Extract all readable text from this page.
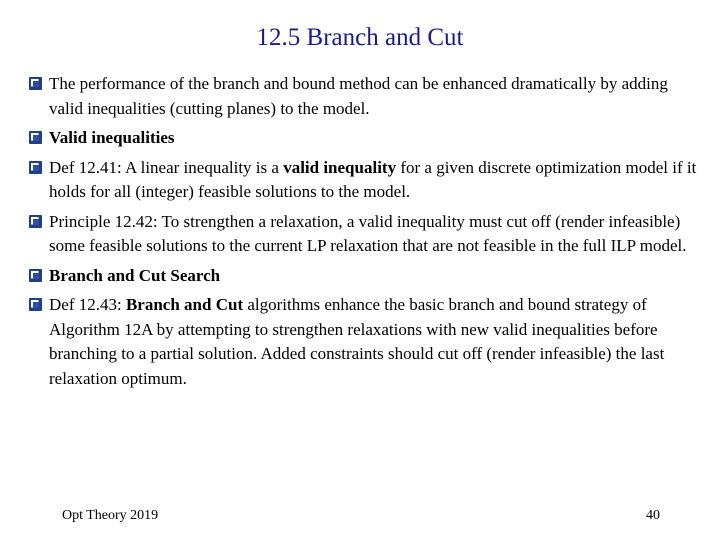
12.5 Branch and Cut
The performance of the branch and bound method can be enhanced dramatically by adding valid inequalities (cutting planes) to the model.
Valid inequalities
Def 12.41: A linear inequality is a valid inequality for a given discrete optimization model if it holds for all (integer) feasible solutions to the model.
Principle 12.42: To strengthen a relaxation, a valid inequality must cut off (render infeasible) some feasible solutions to the current LP relaxation that are not feasible in the full ILP model.
Branch and Cut Search
Def 12.43: Branch and Cut algorithms enhance the basic branch and bound strategy of Algorithm 12A by attempting to strengthen relaxations with new valid inequalities before branching to a partial solution. Added constraints should cut off (render infeasible) the last relaxation optimum.
Opt Theory 2019	40
